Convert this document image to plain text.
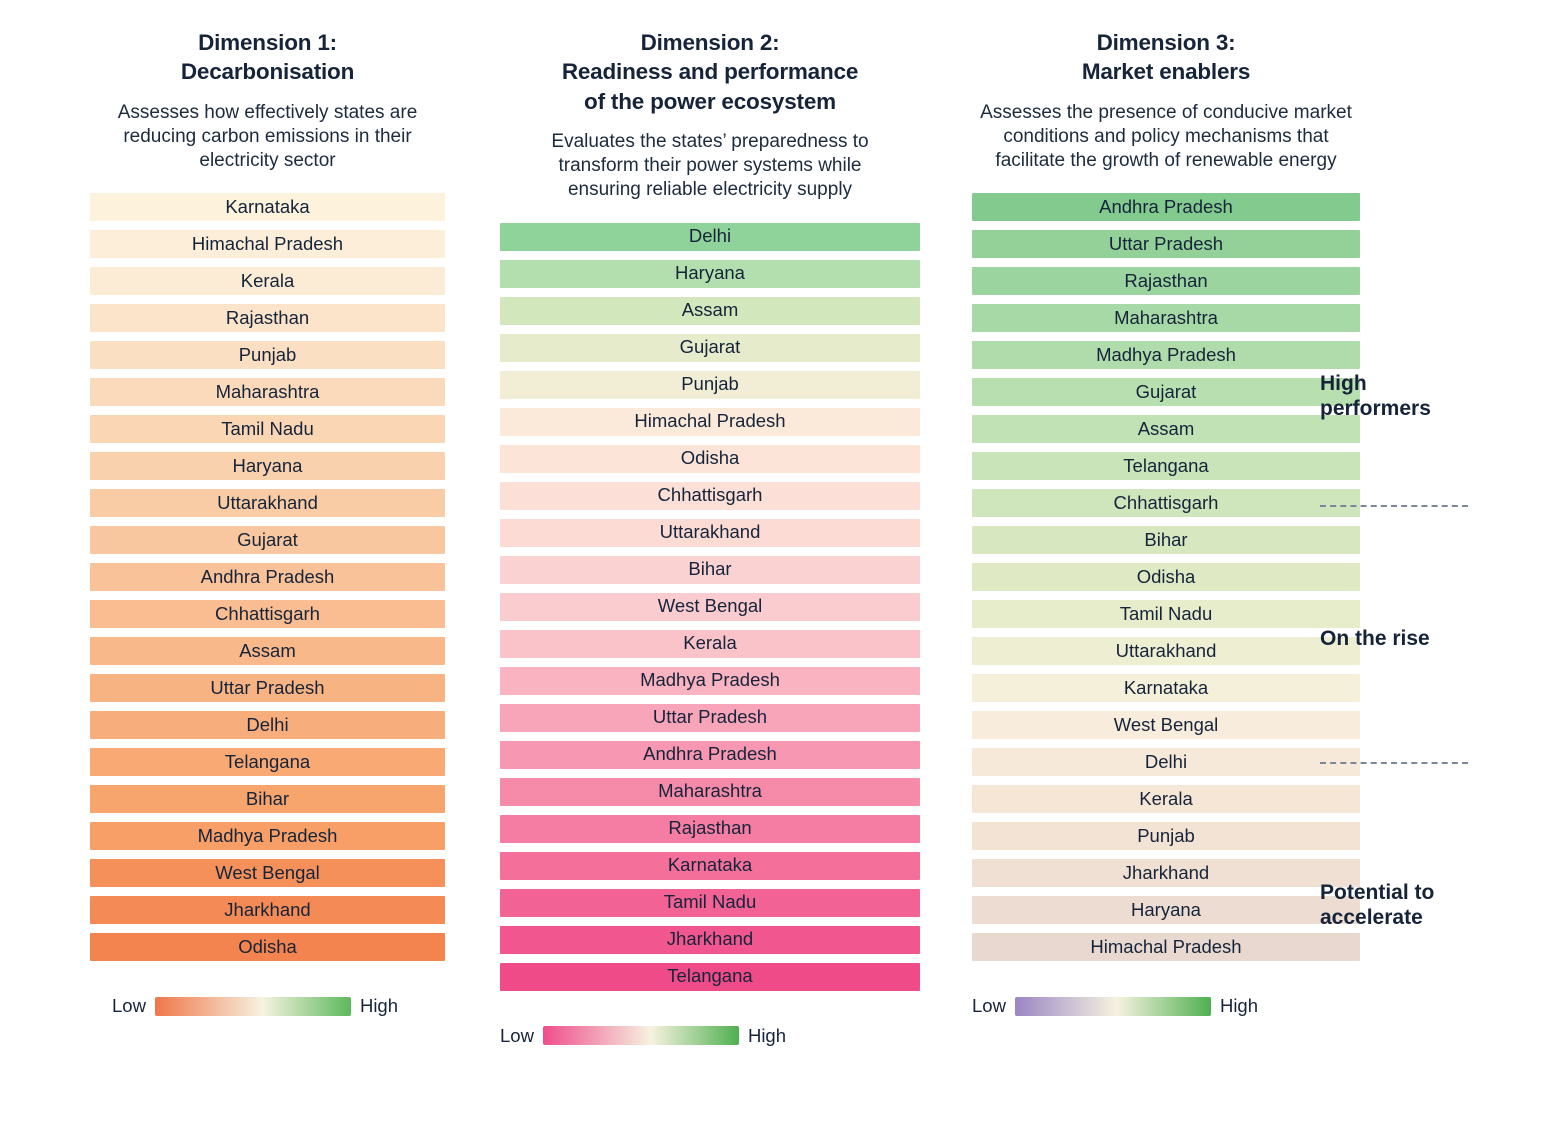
Dimension 1:
Decarbonisation
Assesses how effectively states are reducing carbon emissions in their electricity sector
Karnataka
Himachal Pradesh
Kerala
Rajasthan
Punjab
Maharashtra
Tamil Nadu
Haryana
Uttarakhand
Gujarat
Andhra Pradesh
Chhattisgarh
Assam
Uttar Pradesh
Delhi
Telangana
Bihar
Madhya Pradesh
West Bengal
Jharkhand
Odisha
Low	High
Dimension 2:
Readiness and performance
of the power ecosystem
Evaluates the states’ preparedness to transform their power systems while ensuring reliable electricity supply
Delhi
Haryana
Assam
Gujarat
Punjab
Himachal Pradesh
Odisha
Chhattisgarh
Uttarakhand
Bihar
West Bengal
Kerala
Madhya Pradesh
Uttar Pradesh
Andhra Pradesh
Maharashtra
Rajasthan
Karnataka
Tamil Nadu
Jharkhand
Telangana
Low	High
Dimension 3:
Market enablers
Assesses the presence of conducive market conditions and policy mechanisms that facilitate the growth of renewable energy
Andhra Pradesh
Uttar Pradesh
Rajasthan
Maharashtra
Madhya Pradesh
Gujarat
Assam
Telangana
Chhattisgarh
Bihar
Odisha
Tamil Nadu
Uttarakhand
Karnataka
West Bengal
Delhi
Kerala
Punjab
Jharkhand
Haryana
Himachal Pradesh
Low	High
High
performers
On the rise
Potential to
accelerate
